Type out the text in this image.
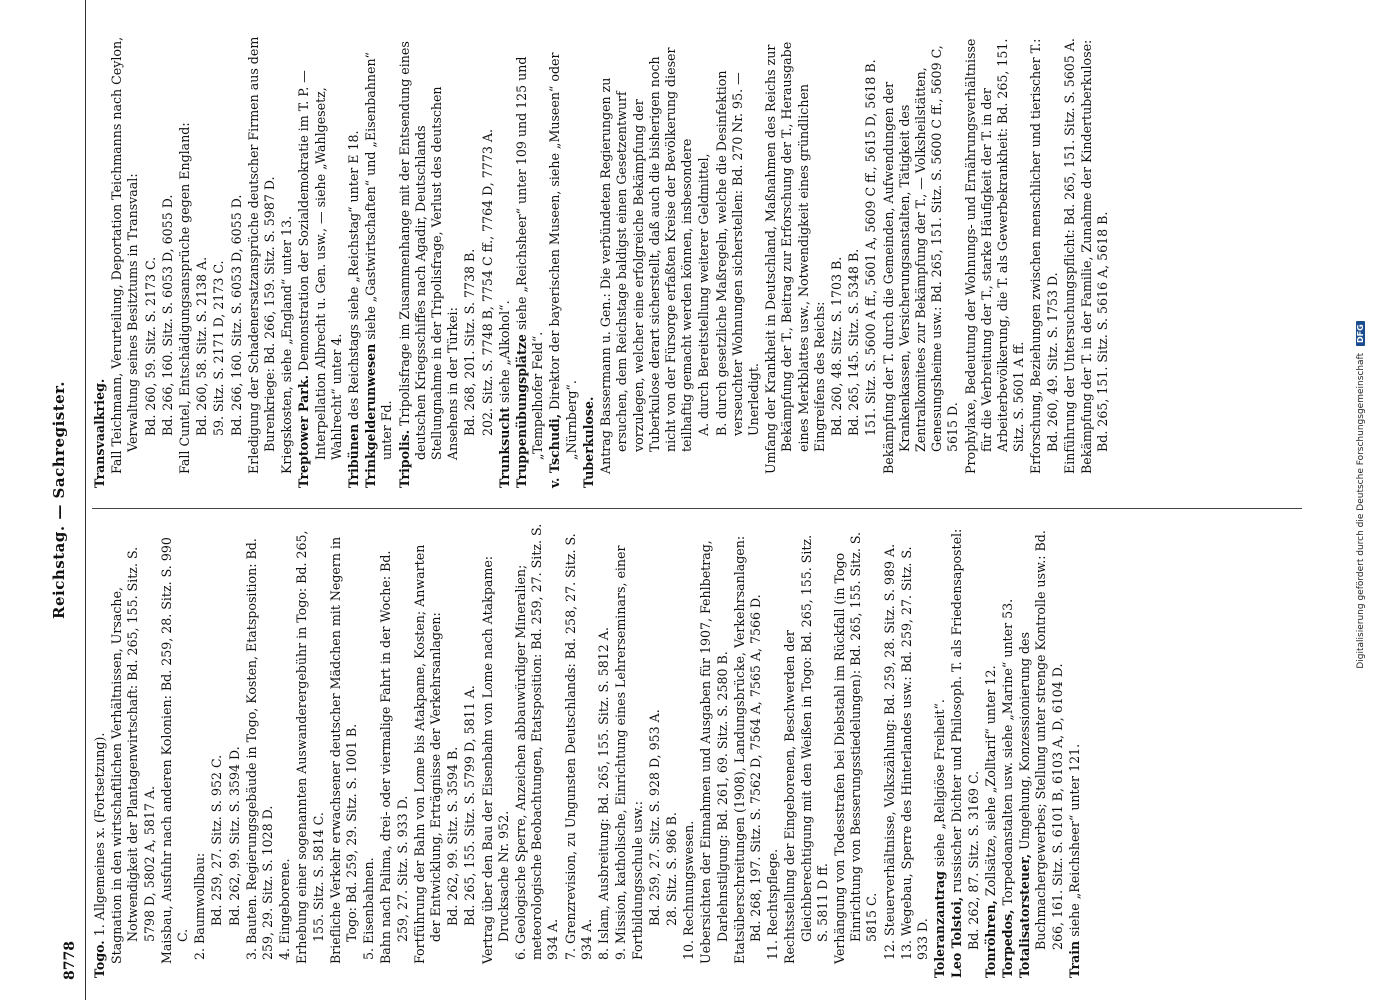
8778
Reichstag. — Sachregister.
Togo. 1. Allgemeines x. (Fortsetzung). Stagnation in den wirtschaftlichen Verhältnissen, Ursache, Notwendigkeit der Plantagenwirtschaft: Bd. 265, 155. Sitz. S. 5798 D, 5802 A, 5817 A. Maisbau, Ausfuhr nach anderen Kolonien: Bd. 259, 28. Sitz. S. 990 C. 2. Baumwollbau: Bd. 259, 27. Sitz. S. 952 C. Bd. 262, 99. Sitz. S. 3594 D. 3. Bauten. Regierungsgebäude in Togo, Kosten, Etatsposition: Bd. 259, 29. Sitz. S. 1028 D. 4. Eingeborene. Erhebung einer sogenannten Auswanderergebühr in Togo: Bd. 265, 155. Sitz. S. 5814 C. Briefliche Verkehr erwachsener deutscher Mädchen mit Negern in Togo: Bd. 259, 29. Sitz. S. 1001 B. 5. Eisenbahnen. Bahn nach Palima, drei- oder viermalige Fahrt in der Woche: Bd. 259, 27. Sitz. S. 933 D. Fortführung der Bahn von Lome bis Atakpame, Kosten; Anwarten der Entwicklung, Erträgnisse der Verkehrsanlagen: Bd. 262, 99. Sitz. S. 3594 B. Bd. 265, 155. Sitz. S. 5799 D, 5811 A. Vertrag über den Bau der Eisenbahn von Lome nach Atakpame: Drucksache Nr. 952. 6. Geologische Sperre, Anzeichen abbauwürdiger Mineralien; meteorologische Beobachtungen, Etatsposition: Bd. 259, 27. Sitz. S. 934 A. 7. Grenzrevision, zu Ungunsten Deutschlands: Bd. 258, 27. Sitz. S. 934 A. 8. Islam, Ausbreitung: Bd. 265, 155. Sitz. S. 5812 A. 9. Mission, katholische, Einrichtung eines Lehrerseminars, einer Fortbildungsschule usw.: Bd. 259, 27. Sitz. S. 928 D, 953 A. 28. Sitz. S. 986 B. 10. Rechnungswesen. Uebersichten der Einnahmen und Ausgaben für 1907, Fehlbetrag, Darlehnstilgung: Bd. 261, 69. Sitz. S. 2580 B. Etatsüberschreitungen (1908), Landungsbrücke, Verkehrsanlagen: Bd. 268, 197. Sitz. S. 7562 D, 7564 A, 7565 A, 7566 D. 11. Rechtspflege. Rechtsstellung der Eingeborenen, Beschwerden der Gleichberechtigung mit den Weißen in Togo: Bd. 265, 155. Sitz. S. 5811 D ff. Verhängung von Todesstrafen bei Diebstahl im Rückfall (in Togo Einrichtung von Besserungsstiedelungen): Bd. 265, 155. Sitz. S. 5815 C. 12. Steuerverhältnisse, Volkszählung: Bd. 259, 28. Sitz. S. 989 A. 13. Wegebau, Sperre des Hinterlandes usw.: Bd. 259, 27. Sitz. S. 933 D. Toleranzantrag siehe „Religiöse Freiheit“.
Leo Tolstoi, russischer Dichter und Philosoph. T. als Friedensapostel: Bd. 262, 87. Sitz. S. 3169 C. Tonröhren, Zollsätze, siehe „Zolltarif“ unter 12.
Torpedos, Torpedoanstalten usw. siehe „Marine“ unter 53.
Totalisatorsteuer, Umgehung, Konzessionierung des Buchmachergewerbes; Stellung unter strenge Kontrolle usw.: Bd. 266, 161. Sitz. S. 6101 B, 6103 A, D, 6104 D.
Train siehe „Reichsheer“ unter 121.
Transvaalkrieg. Fall Teichmann, Verurteilung, Deportation Teichmanns nach Ceylon, Verwaltung seines Besitztums in Transvaal: Bd. 260, 59. Sitz. S. 2173 C. Bd. 266, 160. Sitz. S. 6053 D, 6055 D. Fall Cuntel, Entschädigungsansprüche gegen England: Bd. 260, 58. Sitz. S. 2138 A. 59. Sitz. S. 2171 D, 2173 C. Bd. 266, 160. Sitz. S. 6053 D, 6055 D. Erledigung der Schadenersatzansprüche deutscher Firmen aus dem Burenkriege: Bd. 266, 159. Sitz. S. 5987 D. Kriegskosten, siehe „England“ unter 13. Treptower Park. Demonstration der Sozialdemokratie im T. P. — Interpellation Albrecht u. Gen. usw., — siehe „Wahlgesetz, Wahlrecht“ unter 4. Tribünen des Reichstags siehe „Reichstag“ unter E 18. Trinkgelderunwesen siehe „Gastwirtschaften“ und „Eisenbahnen“ unter Fd. Tripolis. Tripolisfrage im Zusammenhange mit der Entsendung eines deutschen Kriegsschiffes nach Agadir, Deutschlands Stellungnahme in der Tripolisfrage, Verlust des deutschen Ansehens in der Türkei: Bd. 268, 201. Sitz. S. 7738 B. 202. Sitz. S. 7748 B, 7754 C ff., 7764 D, 7773 A.
Trunksucht siehe „Alkohol“. Truppenübungsplätze siehe „Reichsheer“ unter 109 und 125 und „Tempelhofer Feld“. v. Tschudi, Direktor der bayerischen Museen, siehe „Museen“ oder „Nürnberg“. Tuberkulose. Antrag Bassermann u. Gen.: Die verbündeten Regierungen zu ersuchen, dem Reichstage baldigst einen Gesetzentwurf vorzulegen, welcher eine erfolgreiche Bekämpfung der Tuberkulose derart sicherstellt, daß auch die bisherigen noch nicht von der Fürsorge erfaßten Kreise der Bevölkerung dieser teilhaftig gemacht werden können, insbesondere A. durch Bereitstellung weiterer Geldmittel, B. durch gesetzliche Maßregeln, welche die Desinfektion verseuchter Wohnungen sicherstellen: Bd. 270 Nr. 95. — Unerledigt. Umfang der Krankheit in Deutschland, Maßnahmen des Reichs zur Bekämpfung der T., Beitrag zur Erforschung der T., Herausgabe eines Merkblattes usw., Notwendigkeit eines gründlichen Eingreifens des Reichs: Bd. 260, 48. Sitz. S. 1703 B. Bd. 265, 145. Sitz. S. 5348 B. 151. Sitz. S. 5600 A ff., 5601 A, 5609 C ff., 5615 D, 5618 B. Bekämpfung der T. durch die Gemeinden, Aufwendungen der Krankenkassen, Versicherungsanstalten, Tätigkeit des Zentralkomitees zur Bekämpfung der T., — Volksheilstätten, Genesungsheime usw.: Bd. 265, 151. Sitz. S. 5600 C ff., 5609 C, 5615 D. Prophylaxe, Bedeutung der Wohnungs- und Ernährungsverhältnisse für die Verbreitung der T., starke Häufigkeit der T. in der Arbeiterbevölkerung, die T. als Gewerbekrankheit: Bd. 265, 151. Sitz. S. 5601 A ff. Erforschung, Beziehungen zwischen menschlicher und tierischer T.: Bd. 260, 49. Sitz. S. 1753 D. Einführung der Untersuchungspflicht: Bd. 265, 151. Sitz. S. 5605 A. Bekämpfung der T. in der Familie, Zunahme der Kindertuberkulose: Bd. 265, 151. Sitz. S. 5616 A, 5618 B.
Digitalisierung gefördert durch die Deutsche Forschungsgemeinschaft DFG
